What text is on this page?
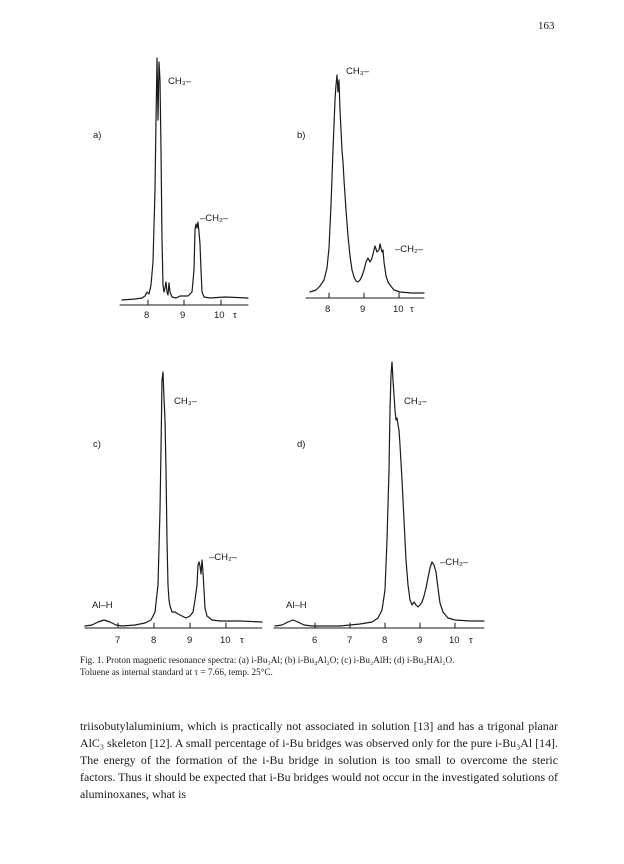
163
a)
CH₃–
–CH₂–
8	9	10 τ
b)
CH₃–
–CH₂–
8	9	10 τ
c)
CH₃–
–CH₂–
Al–H
7	8	9	10 τ
d)
CH₃–
–CH₂–
Al–H
6	7	8	9	10 τ
Fig. 1. Proton magnetic resonance spectra: (a) i-Bu₃Al; (b) i-Bu₄Al₂O; (c) i-Bu₂AlH; (d) i-Bu₃HAl₂O.
Toluene as internal standard at τ = 7.66, temp. 25°C.

triisobutylaluminium, which is practically not associated in solution [13] and has a trigonal planar AlC₃ skeleton [12]. A small percentage of i-Bu bridges was observed only for the pure i-Bu₃Al [14]. The energy of the formation of the i-Bu bridge in solution is too small to overcome the steric factors. Thus it should be expected that i-Bu bridges would not occur in the investigated solutions of aluminoxanes, what is
